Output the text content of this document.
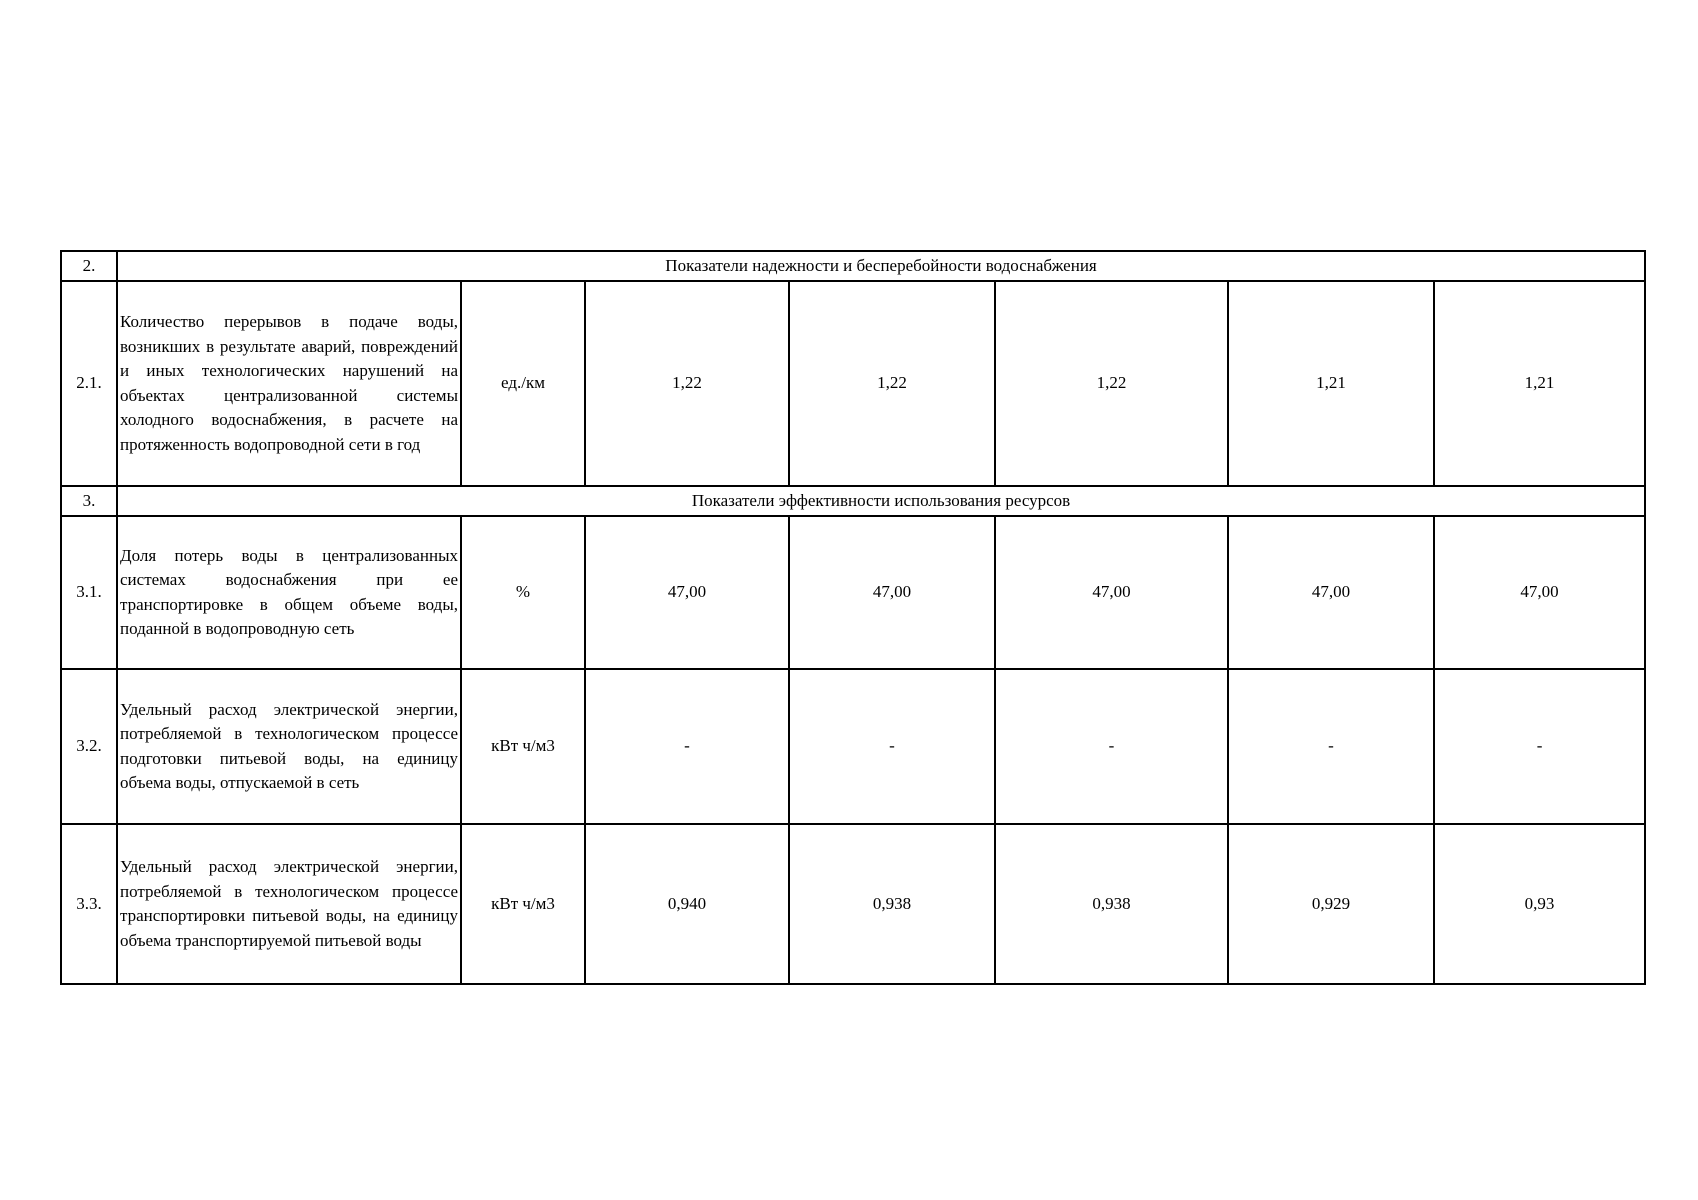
2.	Показатели надежности и бесперебойности водоснабжения						
2.1.	Количество перерывов в подаче воды, возникших в результате аварий, повреждений и иных технологических нарушений на объектах централизованной системы холодного водоснабжения, в расчете на протяженность водопроводной сети в год	ед./км	1,22	1,22	1,22	1,21	1,21
3.	Показатели эффективности использования ресурсов						
3.1.	Доля потерь воды в централизованных системах водоснабжения при ее транспортировке в общем объеме воды, поданной в водопроводную сеть	%	47,00	47,00	47,00	47,00	47,00
3.2.	Удельный расход электрической энергии, потребляемой в технологическом процессе подготовки питьевой воды, на единицу объема воды, отпускаемой в сеть	кВт ч/м3	-	-	-	-	-
3.3.	Удельный расход электрической энергии, потребляемой в технологическом процессе транспортировки питьевой воды, на единицу объема транспортируемой питьевой воды	кВт ч/м3	0,940	0,938	0,938	0,929	0,93
